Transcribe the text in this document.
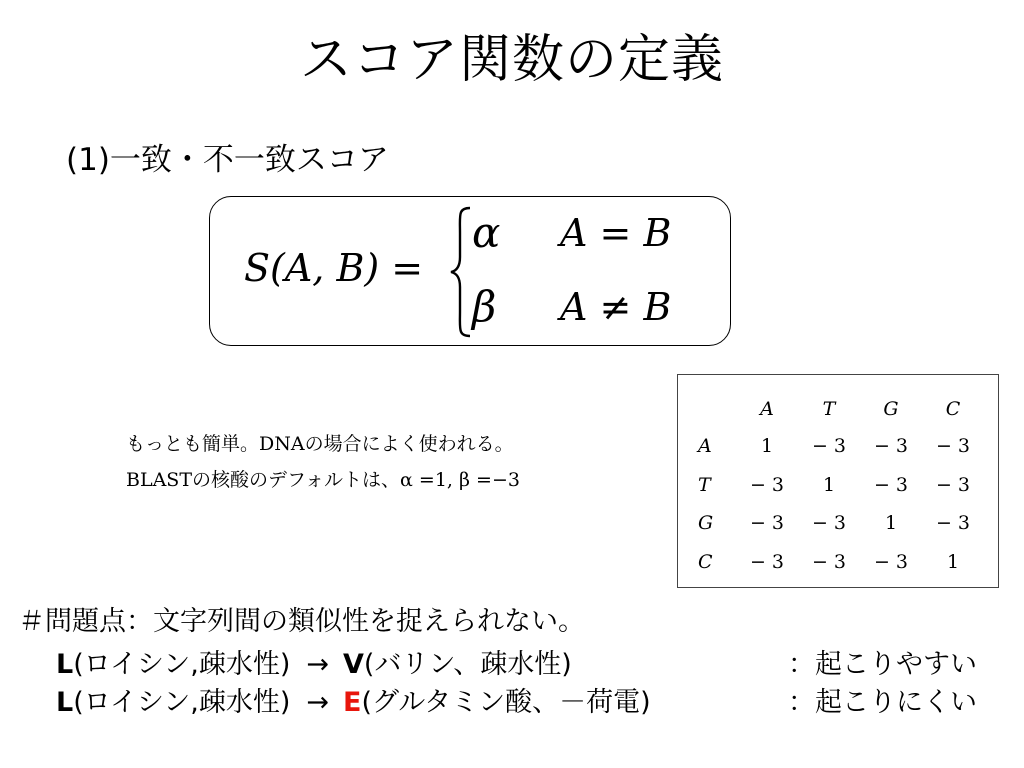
スコア関数の定義
(1)一致・不一致スコア
S(A, B) =
α A = B
β A ≠ B
もっとも簡単。DNAの場合によく使われる。
BLASTの核酸のデフォルトは、α =1, β =−3
	A	T	G	C
A	1	− 3	− 3	− 3
T	− 3	1	− 3	− 3
G	− 3	− 3	1	− 3
C	− 3	− 3	− 3	1
＃問題点：文字列間の類似性を捉えられない。
L(ロイシン,疎水性) → V(バリン、疎水性)	：起こりやすい
L(ロイシン,疎水性) → E(グルタミン酸、－荷電)	：起こりにくい
